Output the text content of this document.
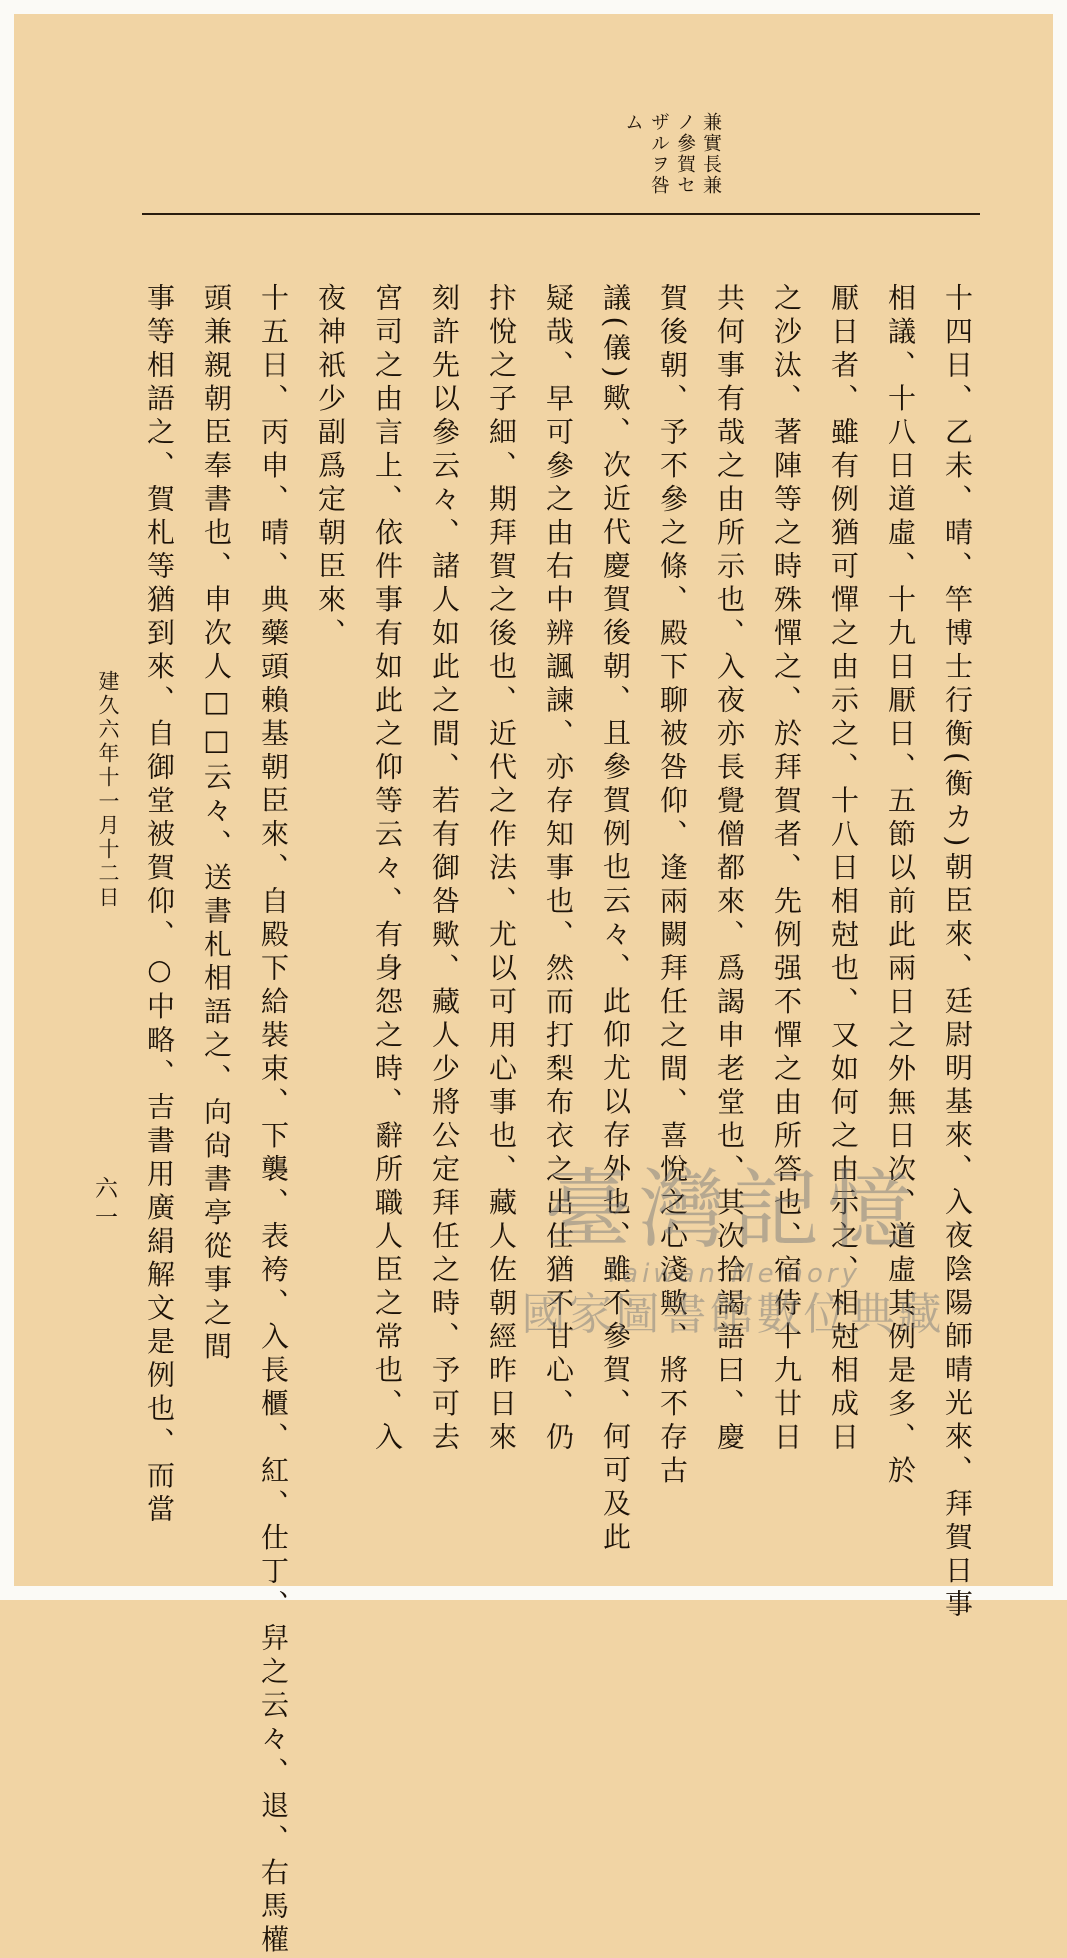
兼實長兼
ノ參賀セ
ザルヲ咎
ム
十四日、乙未、晴、竿博士行衡(衡カ)朝臣來、廷尉明基來、入夜陰陽師晴光來、拜賀日事
相議、十八日道虛、十九日厭日、五節以前此兩日之外無日次、道虛其例是多、於
厭日者、雖有例猶可憚之由示之、十八日相尅也、又如何之由示之、相尅相成日
之沙汰、著陣等之時殊憚之、於拜賀者、先例强不憚之由所答也、宿侍十九廿日
共何事有哉之由所示也、入夜亦長覺僧都來、爲謁申老堂也、其次拾謁語曰、慶
賀後朝、予不參之條、殿下聊被咎仰、逢兩闕拜任之間、喜悅之心淺歟、將不存古
議(儀)歟、次近代慶賀後朝、且參賀例也云々、此仰尤以存外也、雖不參賀、何可及此
疑哉、早可參之由右中辨諷諫、亦存知事也、然而打梨布衣之出仕猶不甘心、仍
抃悅之子細、期拜賀之後也、近代之作法、尤以可用心事也、藏人佐朝經昨日來
刻許先以參云々、諸人如此之間、若有御咎歟、藏人少將公定拜任之時、予可去
宮司之由言上、依件事有如此之仰等云々、有身怨之時、辭所職人臣之常也、入
夜神祇少副爲定朝臣來、
十五日、丙申、晴、典藥頭賴基朝臣來、自殿下給裝束、下襲、表袴、入長櫃、紅、仕丁、舁之云々、退、右馬權
頭兼親朝臣奉書也、申次人□□云々、送書札相語之、向尙書亭從事之間
事等相語之、賀札等猶到來、自御堂被賀仰、○中略、吉書用廣絹解文是例也、而當
建久六年十一月十二日
六一	臺灣記憶
Taiwan Memory
國家圖書館數位典藏
